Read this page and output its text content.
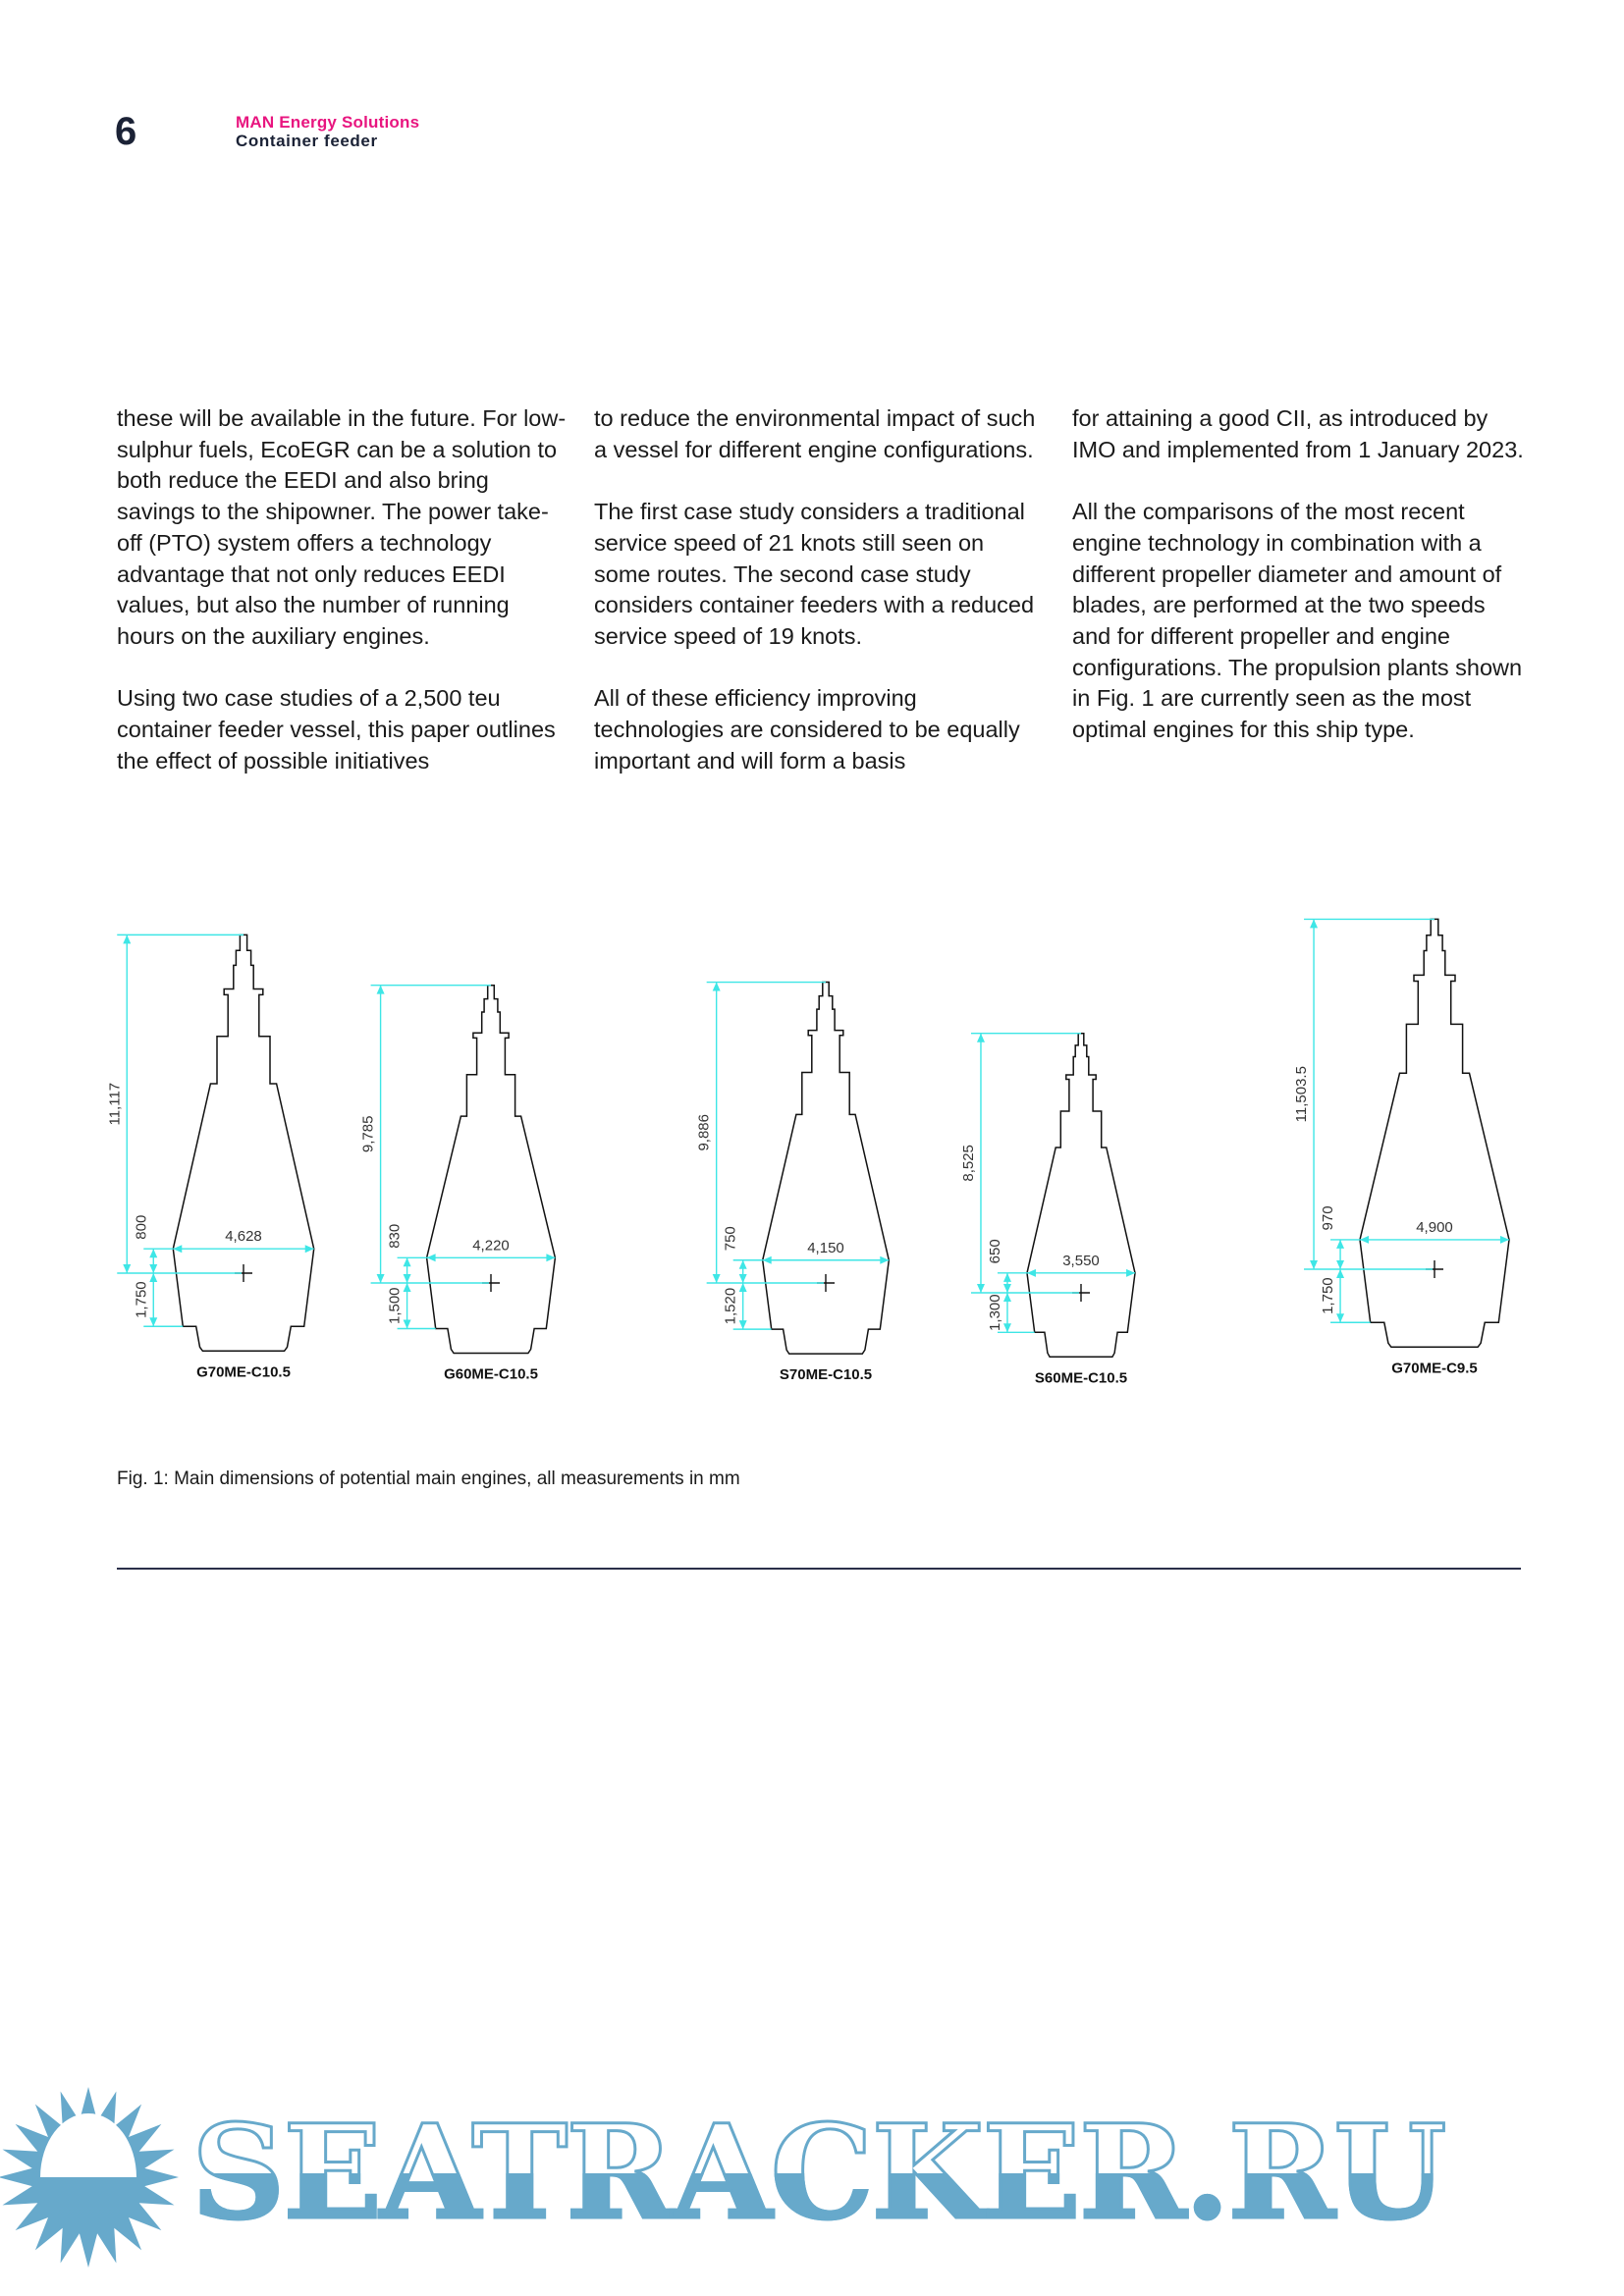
6	MAN Energy Solutions
Container feeder

these will be available in the future. For low-sulphur fuels, EcoEGR can be a solution to both reduce the EEDI and also bring savings to the shipowner. The power take-off (PTO) system offers a technology advantage that not only reduces EEDI values, but also the number of running hours on the auxiliary engines.

Using two case studies of a 2,500 teu container feeder vessel, this paper outlines the effect of possible initiatives

to reduce the environmental impact of such a vessel for different engine configurations.

The first case study considers a traditional service speed of 21 knots still seen on some routes. The second case study considers container feeders with a reduced service speed of 19 knots.

All of these efficiency improving technologies are considered to be equally important and will form a basis

for attaining a good CII, as introduced by IMO and implemented from 1 January 2023.

All the comparisons of the most recent engine technology in combination with a different propeller diameter and amount of blades, are performed at the two speeds and for different propeller and engine configurations. The propulsion plants shown in Fig. 1 are currently seen as the most optimal engines for this ship type.

11,117
800
1,750
4,628
G70ME-C10.5
9,785
830
1,500
4,220
G60ME-C10.5
9,886
750
1,520
4,150
S70ME-C10.5
8,525
650
1,300
3,550
S60ME-C10.5
11,503.5
970
1,750
4,900
G70ME-C9.5
Fig. 1: Main dimensions of potential main engines, all measurements in mm
SEATRACKER.RU
